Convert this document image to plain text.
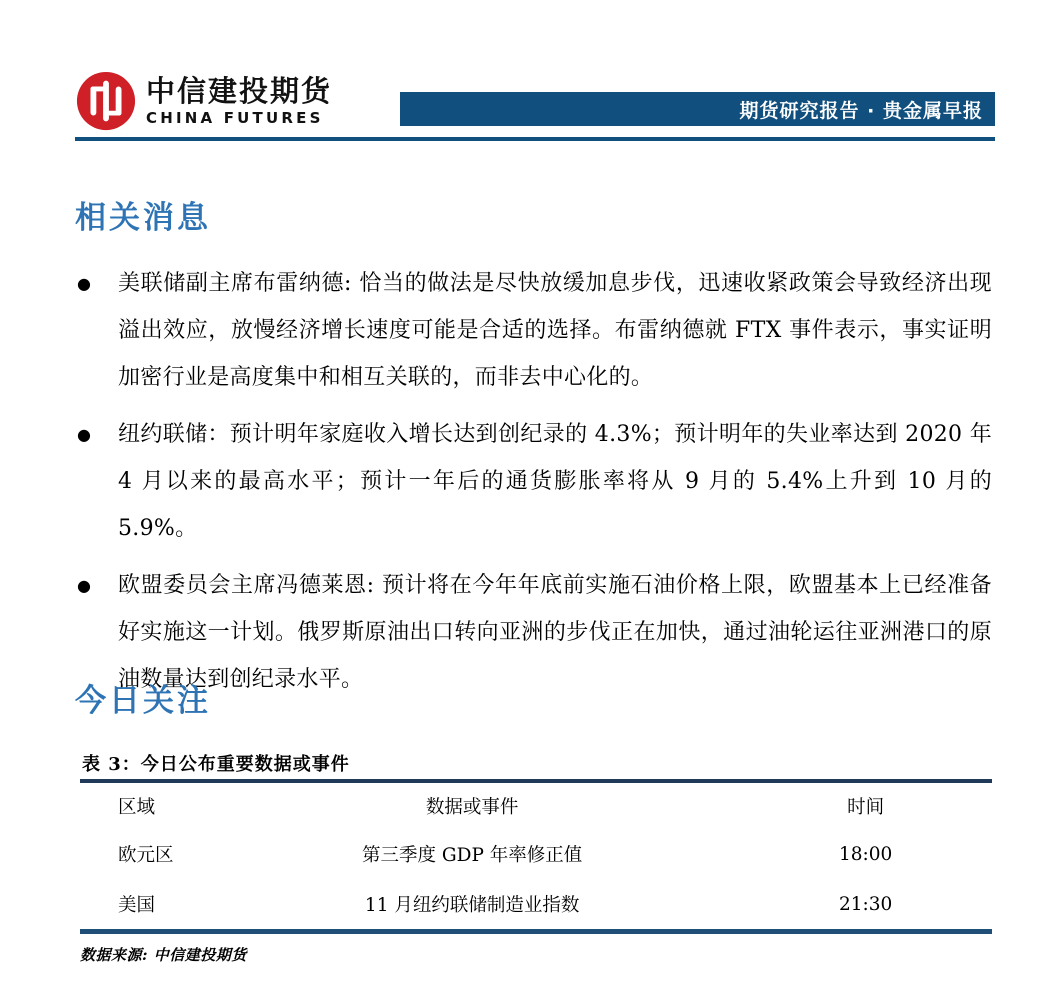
中信建投期货
CHINA FUTURES	期货研究报告 · 贵金属早报
相关消息
● 美联储副主席布雷纳德: 恰当的做法是尽快放缓加息步伐，迅速收紧政策会导致经济出现溢出效应，放慢经济增长速度可能是合适的选择。布雷纳德就 FTX 事件表示，事实证明加密行业是高度集中和相互关联的，而非去中心化的。
● 纽约联储：预计明年家庭收入增长达到创纪录的 4.3%；预计明年的失业率达到 2020 年 4 月以来的最高水平；预计一年后的通货膨胀率将从 9 月的 5.4%上升到 10 月的 5.9%。
● 欧盟委员会主席冯德莱恩: 预计将在今年年底前实施石油价格上限，欧盟基本上已经准备好实施这一计划。俄罗斯原油出口转向亚洲的步伐正在加快，通过油轮运往亚洲港口的原油数量达到创纪录水平。
今日关注
表 3：今日公布重要数据或事件
区域	数据或事件	时间
欧元区	第三季度 GDP 年率修正值	18:00
美国	11 月纽约联储制造业指数	21:30
数据来源: 中信建投期货
